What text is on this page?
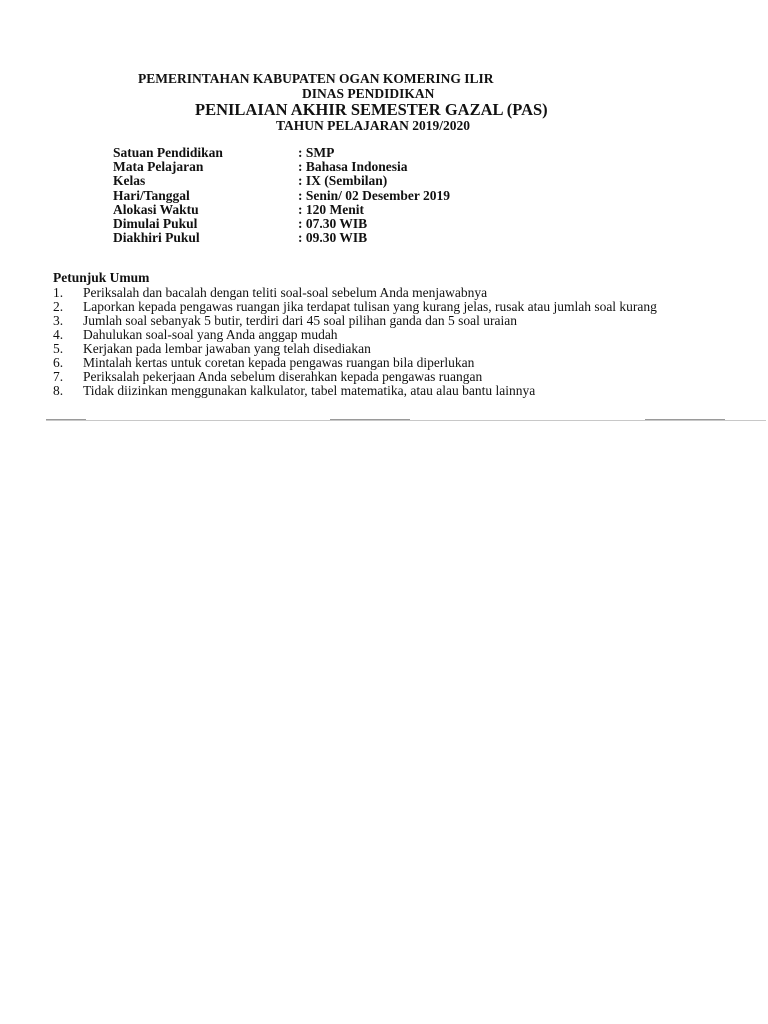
PEMERINTAHAN KABUPATEN OGAN KOMERING ILIR
DINAS PENDIDIKAN
PENILAIAN AKHIR SEMESTER GAZAL (PAS)
TAHUN PELAJARAN 2019/2020
Satuan Pendidikan	: SMP
Mata Pelajaran	: Bahasa Indonesia
Kelas	: IX (Sembilan)
Hari/Tanggal	: Senin/ 02 Desember 2019
Alokasi Waktu	: 120 Menit
Dimulai Pukul	: 07.30 WIB
Diakhiri Pukul	: 09.30 WIB
Petunjuk Umum
1. Periksalah dan bacalah dengan teliti soal-soal sebelum Anda menjawabnya
2. Laporkan kepada pengawas ruangan jika terdapat tulisan yang kurang jelas, rusak atau jumlah soal kurang
3. Jumlah soal sebanyak 5 butir, terdiri dari 45 soal pilihan ganda dan 5 soal uraian
4. Dahulukan soal-soal yang Anda anggap mudah
5. Kerjakan pada lembar jawaban yang telah disediakan
6. Mintalah kertas untuk coretan kepada pengawas ruangan bila diperlukan
7. Periksalah pekerjaan Anda sebelum diserahkan kepada pengawas ruangan
8. Tidak diizinkan menggunakan kalkulator, tabel matematika, atau alau bantu lainnya
